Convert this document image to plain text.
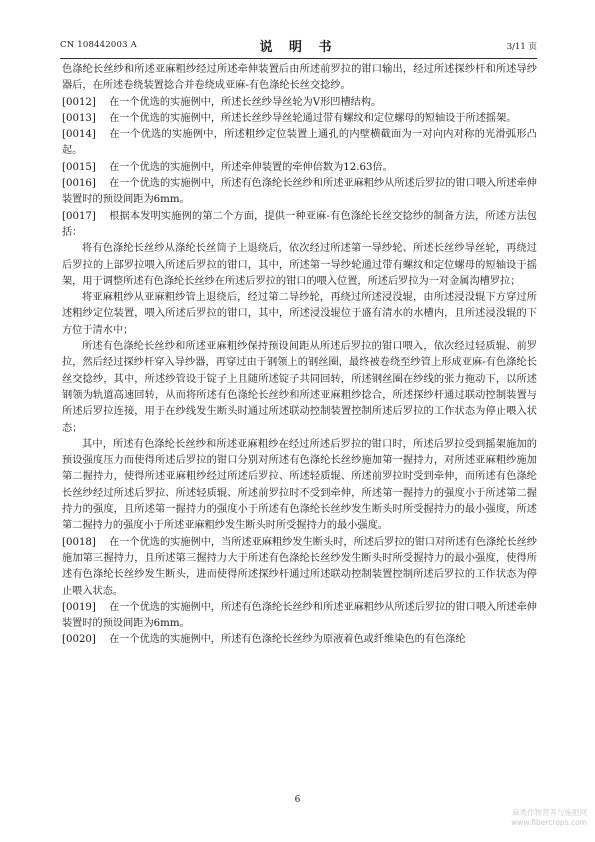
CN 108442003 A	说 明 书	3/11 页

色涤纶长丝纱和所述亚麻粗纱经过所述牵伸装置后由所述前罗拉的钳口输出，经过所述探纱杆和所述导纱器后，在所述卷绕装置捻合并卷绕成亚麻-有色涤纶长丝交捻纱。

[0012] 在一个优选的实施例中，所述长丝纱导丝轮为V形凹槽结构。

[0013] 在一个优选的实施例中，所述长丝纱导丝轮通过带有螺纹和定位螺母的短轴设于所述摇架。

[0014] 在一个优选的实施例中，所述粗纱定位装置上通孔的内壁横截面为一对向内对称的光滑弧形凸起。

[0015] 在一个优选的实施例中，所述牵伸装置的牵伸倍数为12.63倍。

[0016] 在一个优选的实施例中，所述有色涤纶长丝纱和所述亚麻粗纱从所述后罗拉的钳口喂入所述牵伸装置时的预设间距为6mm。

[0017] 根据本发明实施例的第二个方面，提供一种亚麻-有色涤纶长丝交捻纱的制备方法，所述方法包括：

将有色涤纶长丝纱从涤纶长丝筒子上退绕后，依次经过所述第一导纱轮、所述长丝纱导丝轮，再绕过后罗拉的上部罗拉喂入所述后罗拉的钳口，其中，所述第一导纱轮通过带有螺纹和定位螺母的短轴设于摇架，用于调整所述有色涤纶长丝纱在所述后罗拉的钳口的喂入位置，所述后罗拉为一对金属沟槽罗拉；

将亚麻粗纱从亚麻粗纱管上退绕后，经过第二导纱轮，再绕过所述浸没辊，由所述浸没辊下方穿过所述粗纱定位装置，喂入所述后罗拉的钳口，其中，所述浸没辊位于盛有清水的水槽内，且所述浸没辊的下方位于清水中；

所述有色涤纶长丝纱和所述亚麻粗纱保持预设间距从所述后罗拉的钳口喂入，依次经过轻质辊、前罗拉，然后经过探纱杆穿入导纱器，再穿过由于钢领上的钢丝圈，最终被卷绕至纱管上形成亚麻-有色涤纶长丝交捻纱，其中，所述纱管设于锭子上且随所述锭子共同回转，所述钢丝圈在纱线的张力拖动下，以所述钢领为轨道高速回转，从而将所述有色涤纶长丝纱和所述亚麻粗纱捻合，所述探纱杆通过联动控制装置与所述后罗拉连接，用于在纱线发生断头时通过所述联动控制装置控制所述后罗拉的工作状态为停止喂入状态；

其中，所述有色涤纶长丝纱和所述亚麻粗纱在经过所述后罗拉的钳口时，所述后罗拉受到摇架施加的预设强度压力而使得所述后罗拉的钳口分别对所述有色涤纶长丝纱施加第一握持力，对所述亚麻粗纱施加第二握持力，使得所述亚麻粗纱经过所述后罗拉、所述轻质辊、所述前罗拉时受到牵伸，而所述有色涤纶长丝纱经过所述后罗拉、所述轻质辊、所述前罗拉时不受到牵伸，所述第一握持力的强度小于所述第二握持力的强度，且所述第一握持力的强度小于所述有色涤纶长丝纱发生断头时所受握持力的最小强度，所述第二握持力的强度小于所述亚麻粗纱发生断头时所受握持力的最小强度。

[0018] 在一个优选的实施例中，当所述亚麻粗纱发生断头时，所述后罗拉的钳口对所述有色涤纶长丝纱施加第三握持力，且所述第三握持力大于所述有色涤纶长丝纱发生断头时所受握持力的最小强度，使得所述有色涤纶长丝纱发生断头，进而使得所述探纱杆通过所述联动控制装置控制所述后罗拉的工作状态为停止喂入状态。

[0019] 在一个优选的实施例中，所述有色涤纶长丝纱和所述亚麻粗纱从所述后罗拉的钳口喂入所述牵伸装置时的预设间距为6mm。

[0020] 在一个优选的实施例中，所述有色涤纶长丝纱为原液着色或纤维染色的有色涤纶

6
麻类作物营养与施肥网
www.fibercrops.com
